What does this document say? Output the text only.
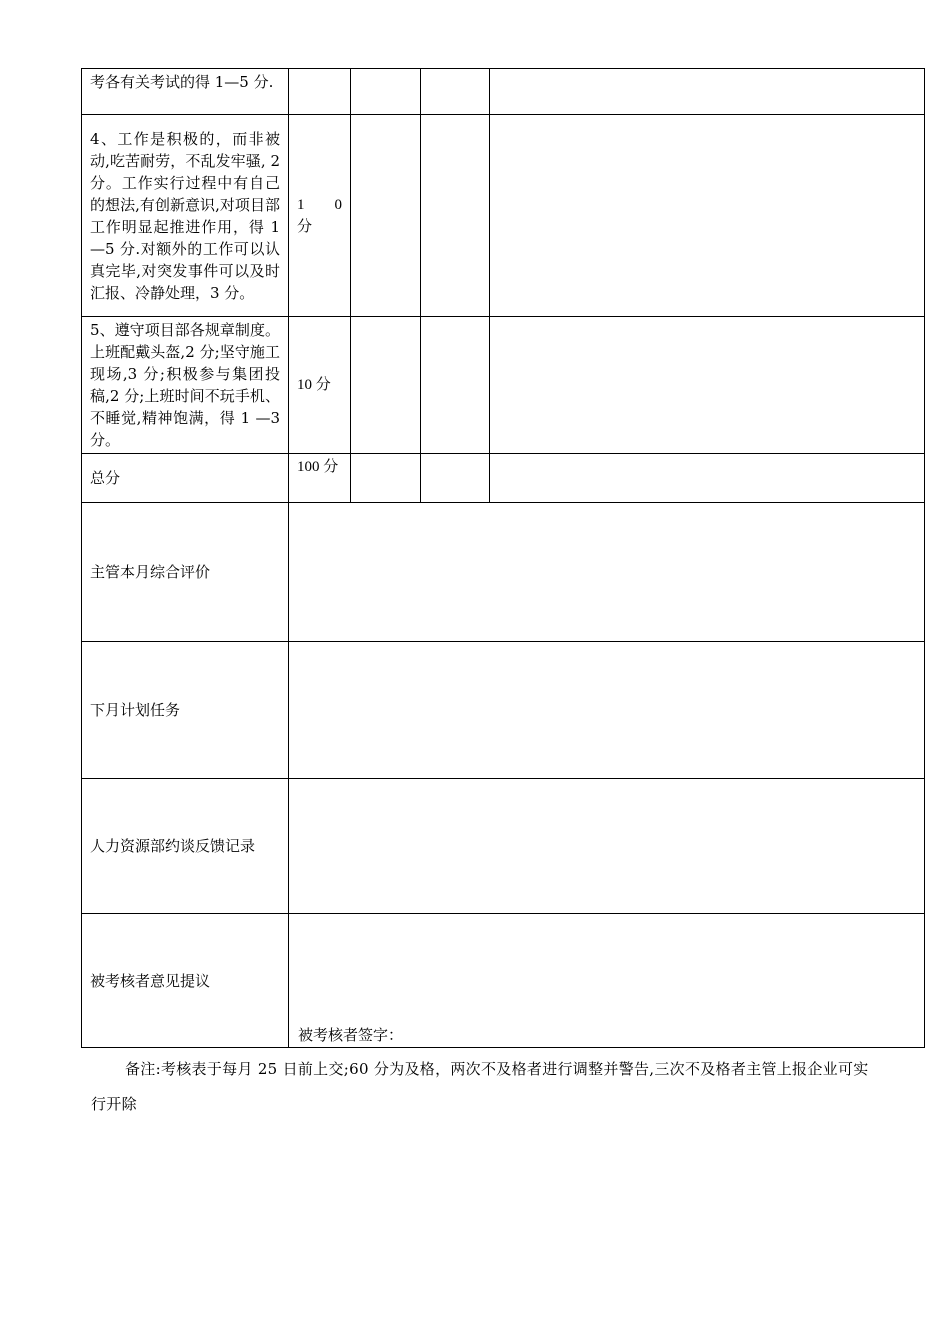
考各有关考试的得 1—5 分.				
4、工作是积极的，而非被动,吃苦耐劳，不乱发牢骚, 2 分。工作实行过程中有自己的想法,有创新意识,对项目部工作明显起推进作用，得 1—5 分.对额外的工作可以认真完毕,对突发事件可以及时汇报、冷静处理，3 分。	1 0
分			

5、遵守项目部各规章制度。上班配戴头盔,2 分;坚守施工现场,3 分;积极参与集团投稿,2 分;上班时间不玩手机、不睡觉,精神饱满，得 1 —3 分。	10 分			
总分	100 分			
主管本月综合评价				
下月计划任务				
人力资源部约谈反馈记录				
被考核者意见提议	被考核者签字：			
备注:考核表于每月 25 日前上交;60 分为及格，两次不及格者进行调整并警告,三次不及格者主管上报企业可实行开除
